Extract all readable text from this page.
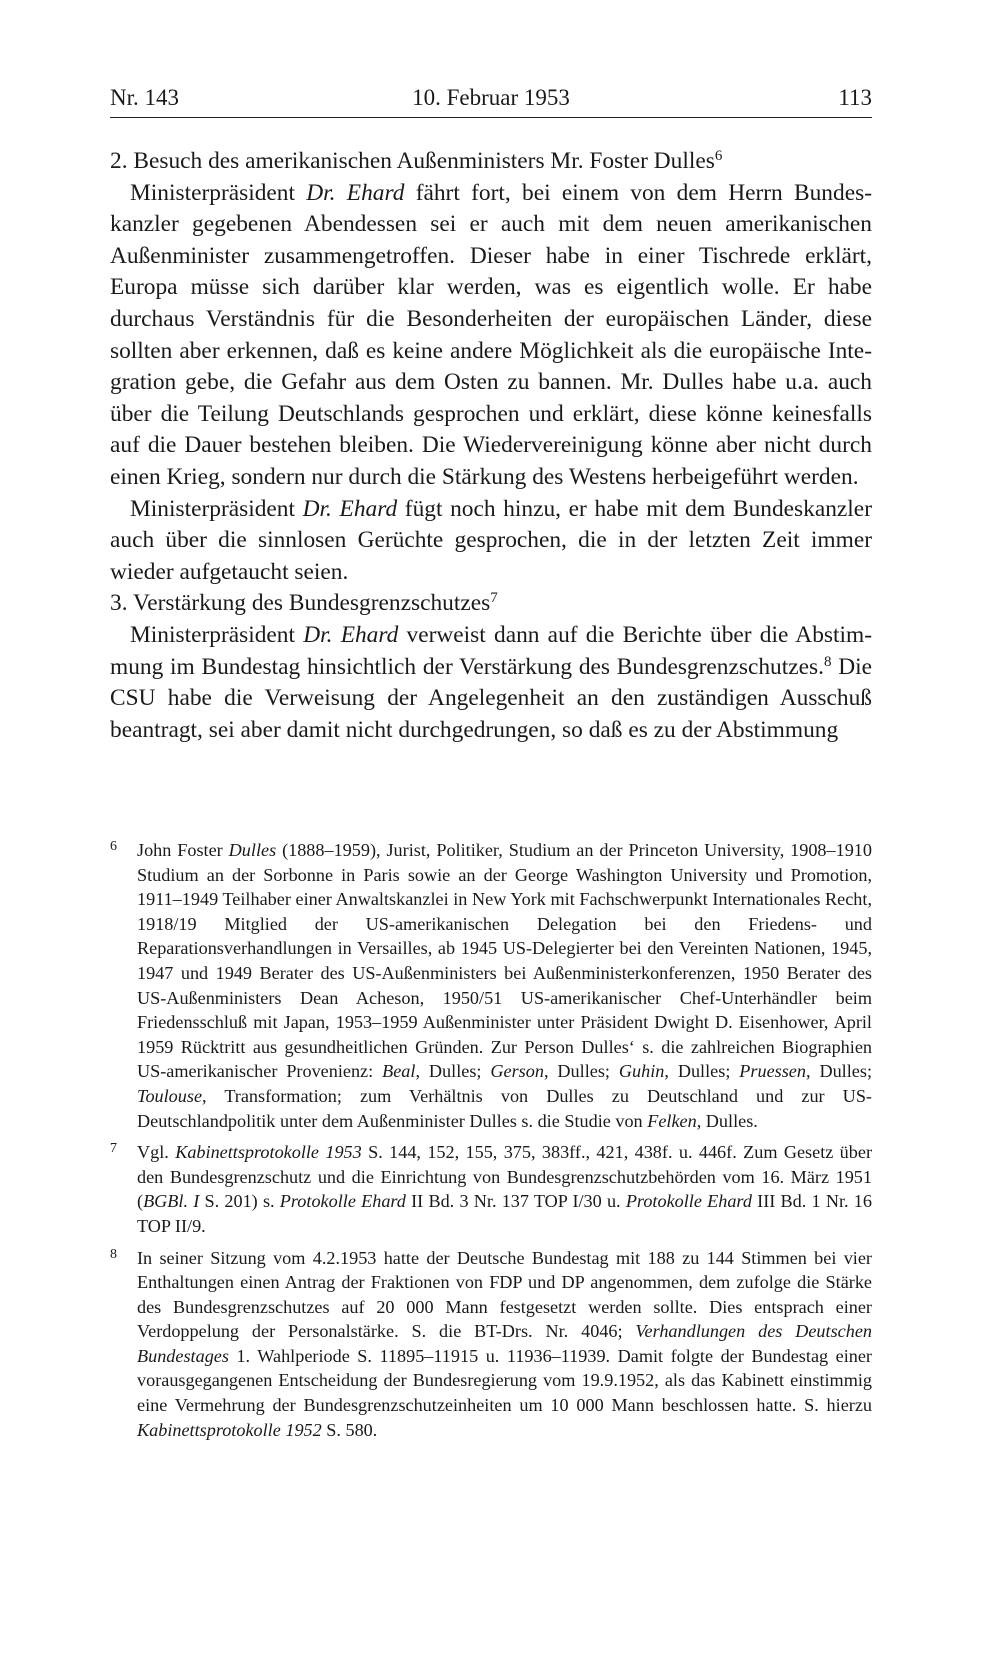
Nr. 143	10. Februar 1953	113

2. Besuch des amerikanischen Außenministers Mr. Foster Dulles$^6$

Ministerpräsident Dr. Ehard fährt fort, bei einem von dem Herrn Bundeskanzler gegebenen Abendessen sei er auch mit dem neuen amerikanischen Außenminister zusammengetroffen. Dieser habe in einer Tischrede erklärt, Europa müsse sich darüber klar werden, was es eigentlich wolle. Er habe durchaus Verständnis für die Besonderheiten der europäischen Länder, diese sollten aber erkennen, daß es keine andere Möglichkeit als die europäische Integration gebe, die Gefahr aus dem Osten zu bannen. Mr. Dulles habe u.a. auch über die Teilung Deutschlands gesprochen und erklärt, diese könne keinesfalls auf die Dauer bestehen bleiben. Die Wiedervereinigung könne aber nicht durch einen Krieg, sondern nur durch die Stärkung des Westens herbeigeführt werden.

Ministerpräsident Dr. Ehard fügt noch hinzu, er habe mit dem Bundeskanzler auch über die sinnlosen Gerüchte gesprochen, die in der letzten Zeit immer wieder aufgetaucht seien.

3. Verstärkung des Bundesgrenzschutzes$^7$

Ministerpräsident Dr. Ehard verweist dann auf die Berichte über die Abstimmung im Bundestag hinsichtlich der Verstärkung des Bundesgrenzschutzes.$^8$ Die CSU habe die Verweisung der Angelegenheit an den zuständigen Ausschuß beantragt, sei aber damit nicht durchgedrungen, so daß es zu der Abstimmung

6 John Foster Dulles (1888–1959), Jurist, Politiker, Studium an der Princeton University, 1908–1910 Studium an der Sorbonne in Paris sowie an der George Washington University und Promotion, 1911–1949 Teilhaber einer Anwaltskanzlei in New York mit Fachschwerpunkt Internationales Recht, 1918/19 Mitglied der US-amerikanischen Delegation bei den Friedens- und Reparationsverhandlungen in Versailles, ab 1945 US-Delegierter bei den Vereinten Nationen, 1945, 1947 und 1949 Berater des US-Außenministers bei Außenministerkonferenzen, 1950 Berater des US-Außenministers Dean Acheson, 1950/51 US-amerikanischer Chef-Unterhändler beim Friedensschluß mit Japan, 1953–1959 Außenminister unter Präsident Dwight D. Eisenhower, April 1959 Rücktritt aus gesundheitlichen Gründen. Zur Person Dulles‘ s. die zahlreichen Biographien US-amerikanischer Provenienz: Beal, Dulles; Gerson, Dulles; Guhin, Dulles; Pruessen, Dulles; Toulouse, Transformation; zum Verhältnis von Dulles zu Deutschland und zur US-Deutschlandpolitik unter dem Außenminister Dulles s. die Studie von Felken, Dulles.
7 Vgl. Kabinettsprotokolle 1953 S. 144, 152, 155, 375, 383ff., 421, 438f. u. 446f. Zum Gesetz über den Bundesgrenzschutz und die Einrichtung von Bundesgrenzschutzbehörden vom 16. März 1951 (BGBl. I S. 201) s. Protokolle Ehard II Bd. 3 Nr. 137 TOP I/30 u. Protokolle Ehard III Bd. 1 Nr. 16 TOP II/9.
8 In seiner Sitzung vom 4.2.1953 hatte der Deutsche Bundestag mit 188 zu 144 Stimmen bei vier Enthaltungen einen Antrag der Fraktionen von FDP und DP angenommen, dem zufolge die Stärke des Bundesgrenzschutzes auf 20 000 Mann festgesetzt werden sollte. Dies entsprach einer Verdoppelung der Personalstärke. S. die BT-Drs. Nr. 4046; Verhandlungen des Deutschen Bundestages 1. Wahlperiode S. 11895–11915 u. 11936–11939. Damit folgte der Bundestag einer vorausgegangenen Entscheidung der Bundesregierung vom 19.9.1952, als das Kabinett einstimmig eine Vermehrung der Bundesgrenzschutzeinheiten um 10 000 Mann beschlossen hatte. S. hierzu Kabinettsprotokolle 1952 S. 580.
